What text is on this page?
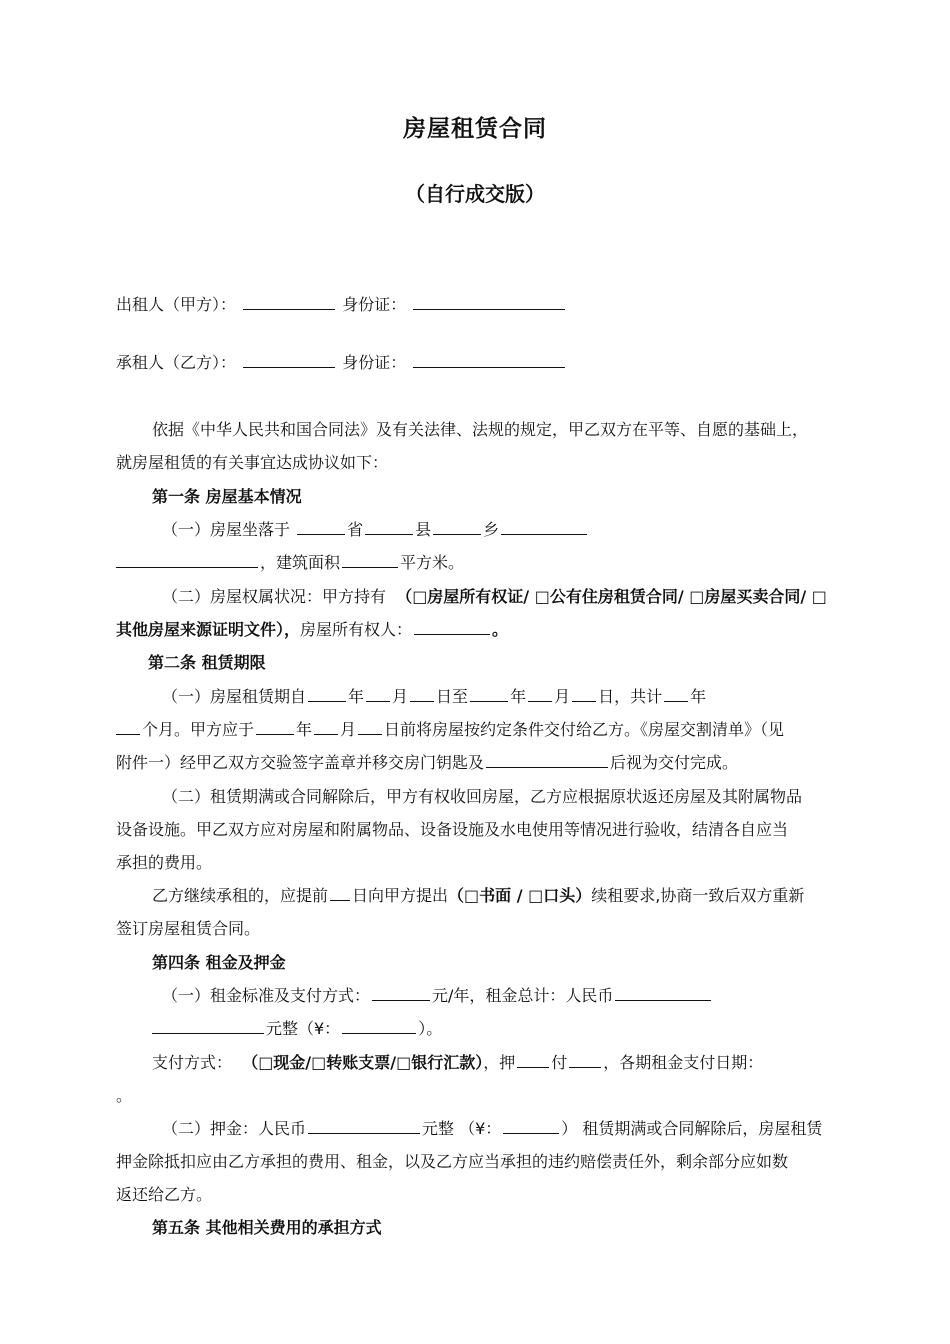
房屋租赁合同
（自行成交版）
出租人（甲方）：	身份证：
承租人（乙方）：	身份证：
依据《中华人民共和国合同法》及有关法律、法规的规定，甲乙双方在平等、自愿的基础上，
就房屋租赁的有关事宜达成协议如下：
第一条 房屋基本情况
（一）房屋坐落于	省	县	乡
，建筑面积	平方米。
（二）房屋权属状况：甲方持有 （□房屋所有权证/ □公有住房租赁合同/ □房屋买卖合同/ □
其他房屋来源证明文件），房屋所有权人：	。
第二条 租赁期限
（一）房屋租赁期自	年 月 日至	年 月 日，共计 年
个月。甲方应于	年 月 日前将房屋按约定条件交付给乙方。《房屋交割清单》（见
附件一）经甲乙双方交验签字盖章并移交房门钥匙及	后视为交付完成。
（二）租赁期满或合同解除后，甲方有权收回房屋，乙方应根据原状返还房屋及其附属物品
设备设施。甲乙双方应对房屋和附属物品、设备设施及水电使用等情况进行验收，结清各自应当
承担的费用。
乙方继续承租的，应提前 日向甲方提出（□书面 / □口头）续租要求,协商一致后双方重新
签订房屋租赁合同。
第四条 租金及押金
（一）租金标准及支付方式：	元/年，租金总计：人民币
元整（¥：	）。
支付方式： （□现金/□转账支票/□银行汇款），押 付 ，各期租金支付日期：
。
（二）押金：人民币	元整 （¥：	） 租赁期满或合同解除后，房屋租赁
押金除抵扣应由乙方承担的费用、租金，以及乙方应当承担的违约赔偿责任外，剩余部分应如数
返还给乙方。
第五条 其他相关费用的承担方式
